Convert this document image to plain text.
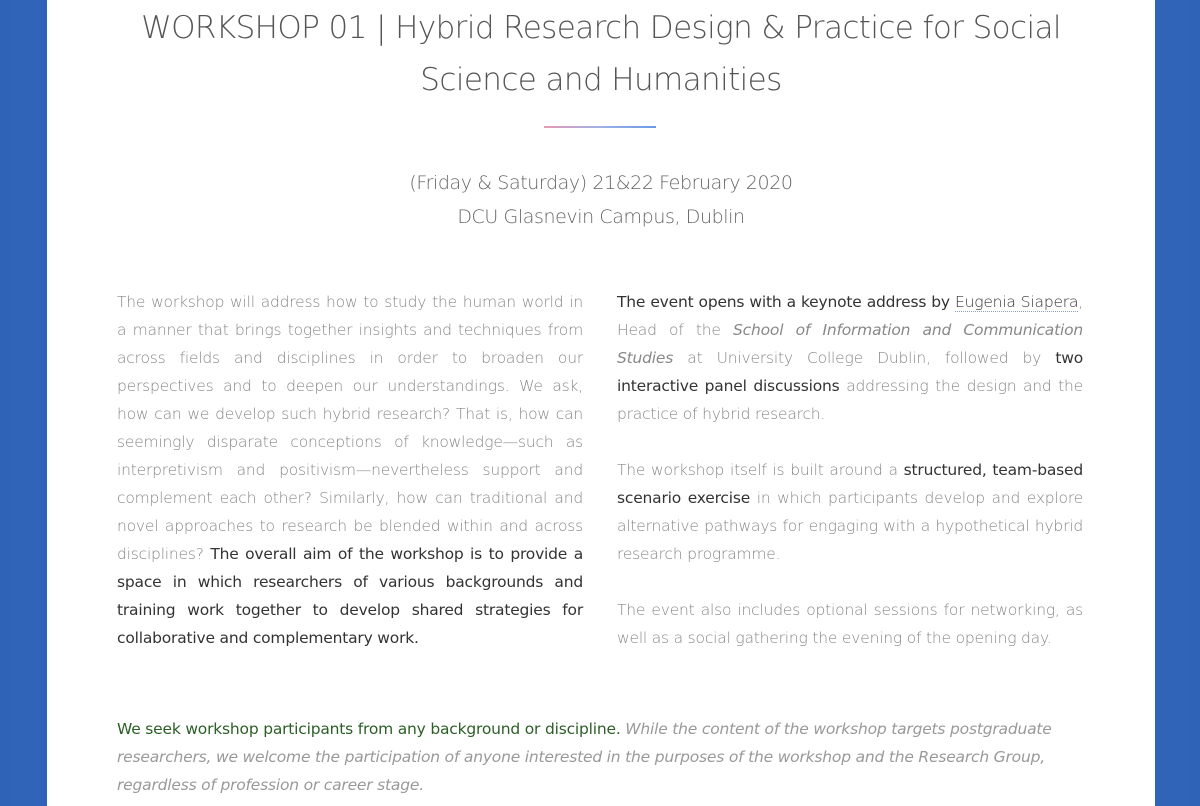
WORKSHOP 01 | Hybrid Research Design & Practice for Social
Science and Humanities
(Friday & Saturday) 21&22 February 2020
DCU Glasnevin Campus, Dublin

The workshop will address how to study the human world in a manner that brings together insights and techniques from across fields and disciplines in order to broaden our perspectives and to deepen our understandings. We ask, how can we develop such hybrid research? That is, how can seemingly disparate conceptions of knowledge—such as interpretivism and positivism—nevertheless support and complement each other? Similarly, how can traditional and novel approaches to research be blended within and across disciplines? The overall aim of the workshop is to provide a space in which researchers of various backgrounds and training work together to develop shared strategies for collaborative and complementary work.

The event opens with a keynote address by Eugenia Siapera, Head of the School of Information and Communication Studies at University College Dublin, followed by two interactive panel discussions addressing the design and the practice of hybrid research.

The workshop itself is built around a structured, team-based scenario exercise in which participants develop and explore alternative pathways for engaging with a hypothetical hybrid research programme.

The event also includes optional sessions for networking, as well as a social gathering the evening of the opening day.

We seek workshop participants from any background or discipline. While the content of the workshop targets postgraduate researchers, we welcome the participation of anyone interested in the purposes of the workshop and the Research Group, regardless of profession or career stage.
